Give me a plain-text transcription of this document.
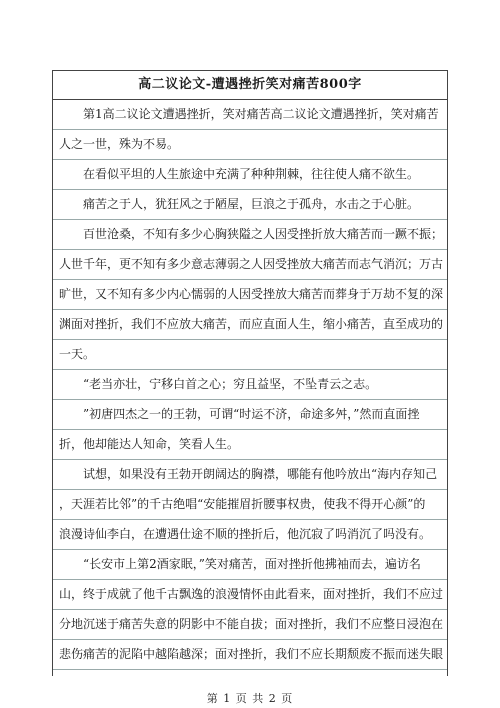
高二议论文-遭遇挫折笑对痛苦800字
第1高二议论文遭遇挫折，笑对痛苦高二议论文遭遇挫折，笑对痛苦
人之一世，殊为不易。
在看似平坦的人生旅途中充满了种种荆棘，往往使人痛不欲生。
痛苦之于人，犹狂风之于陋屋，巨浪之于孤舟，水击之于心脏。
百世沧桑，不知有多少心胸狭隘之人因受挫折放大痛苦而一蹶不振；
人世千年，更不知有多少意志薄弱之人因受挫放大痛苦而志气消沉；万古
旷世，又不知有多少内心懦弱的人因受挫放大痛苦而葬身于万劫不复的深
渊面对挫折，我们不应放大痛苦，而应直面人生，缩小痛苦，直至成功的
一天。
“老当亦壮，宁移白首之心；穷且益坚，不坠青云之志。
”初唐四杰之一的王勃，可谓“时运不济，命途多舛，”然而直面挫
折，他却能达人知命，笑看人生。
试想，如果没有王勃开朗阔达的胸襟，哪能有他吟放出“海内存知己
，天涯若比邻”的千古绝唱“安能摧眉折腰事权贵，使我不得开心颜”的
浪漫诗仙李白，在遭遇仕途不顺的挫折后，他沉寂了吗消沉了吗没有。
“长安市上第2酒家眠，”笑对痛苦，面对挫折他拂袖而去，遍访名
山，终于成就了他千古飘逸的浪漫情怀由此看来，面对挫折，我们不应过
分地沉迷于痛苦失意的阴影中不能自拔；面对挫折，我们不应整日浸泡在
悲伤痛苦的泥陷中越陷越深；面对挫折，我们不应长期颓废不振而迷失眼
第 1 页 共 2 页
